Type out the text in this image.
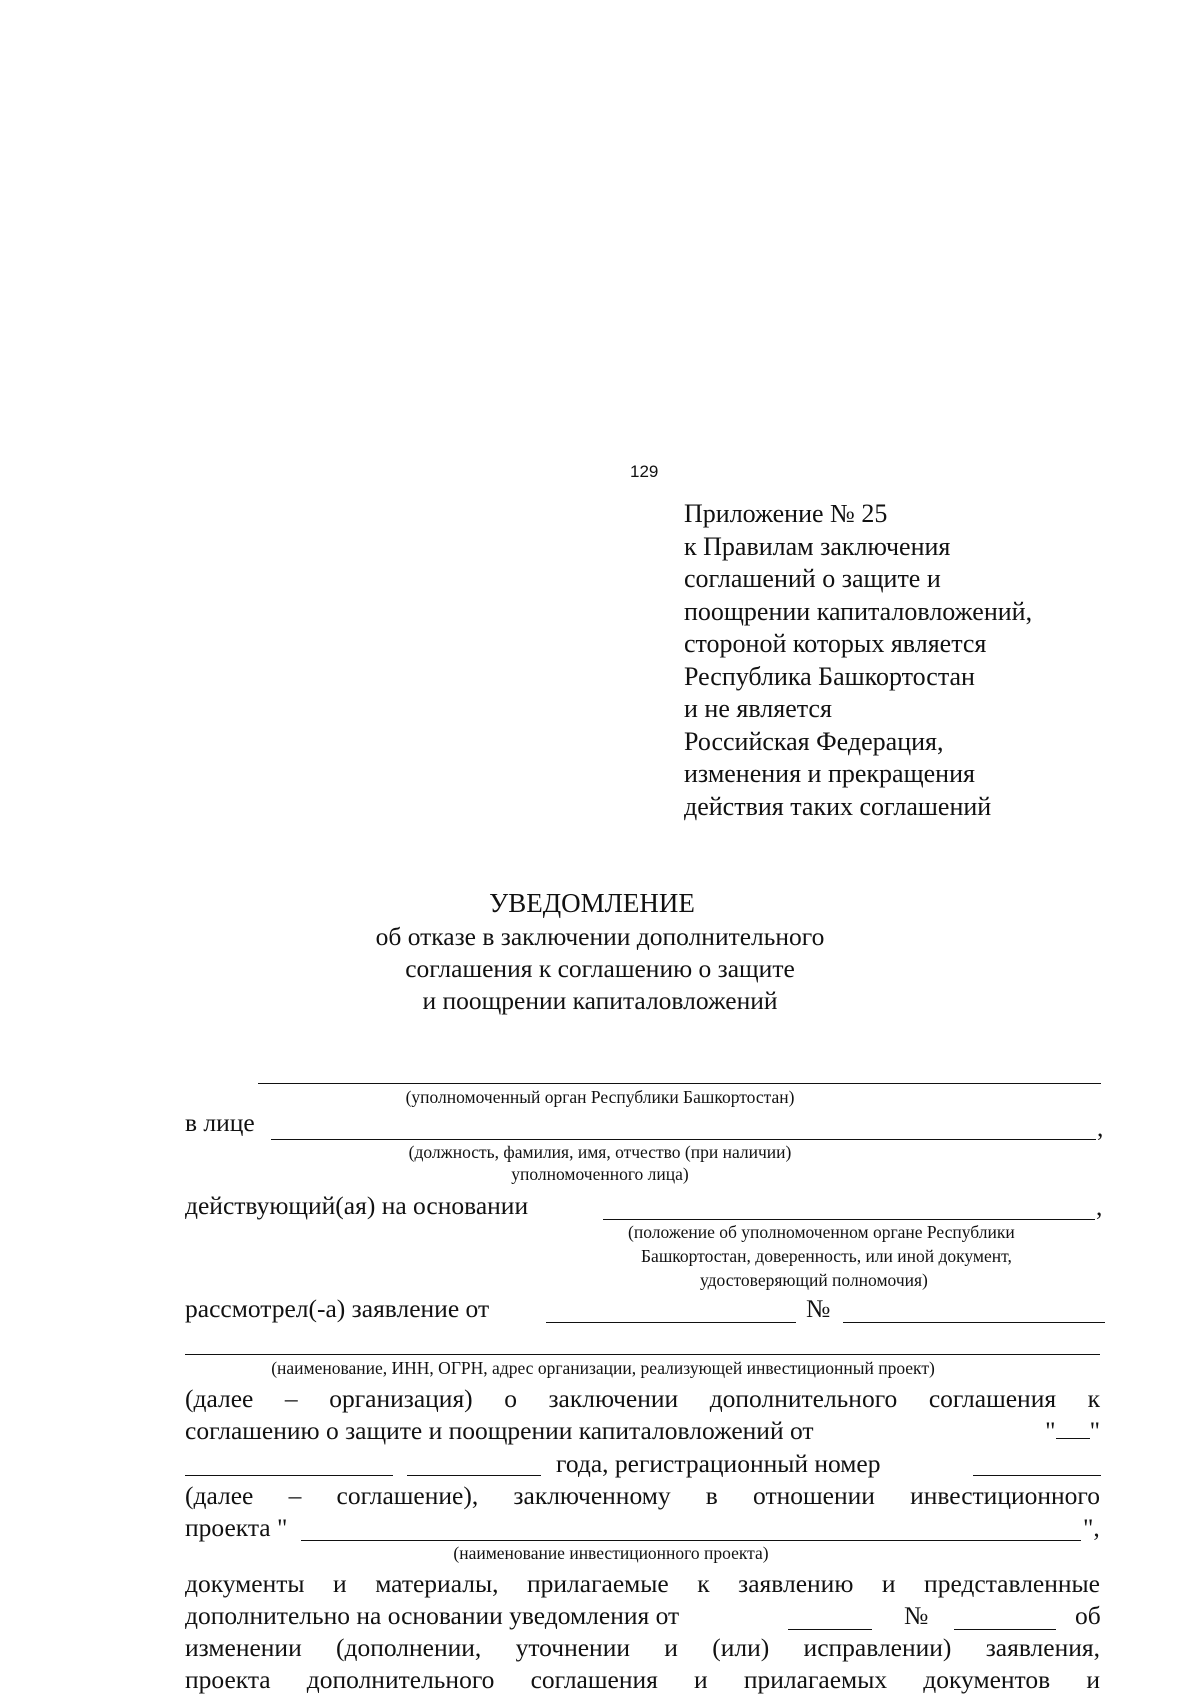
129
Приложение № 25
к Правилам заключения
соглашений о защите и
поощрении капиталовложений,
стороной которых является
Республика Башкортостан
и не является
Российская Федерация,
изменения и прекращения
действия таких соглашений
УВЕДОМЛЕНИЕ
об отказе в заключении дополнительного
соглашения к соглашению о защите
и поощрении капиталовложений
(уполномоченный орган Республики Башкортостан)
в лице	,
(должность, фамилия, имя, отчество (при наличии)
уполномоченного лица)
действующий(ая) на основании	,
(положение об уполномоченном органе Республики
Башкортостан, доверенность, или иной документ,
удостоверяющий полномочия)
рассмотрел(-а) заявление от	№
(наименование, ИНН, ОГРН, адрес организации, реализующей инвестиционный проект)
(далее – организация) о заключении дополнительного соглашения к
соглашению о защите и поощрении капиталовложений от	" "
года, регистрационный номер
(далее – соглашение), заключенному в отношении инвестиционного
проекта "	",
(наименование инвестиционного проекта)
документы и материалы, прилагаемые к заявлению и представленные
дополнительно на основании уведомления от	№	об
изменении (дополнении, уточнении и (или) исправлении) заявления,
проекта дополнительного соглашения и прилагаемых документов и
